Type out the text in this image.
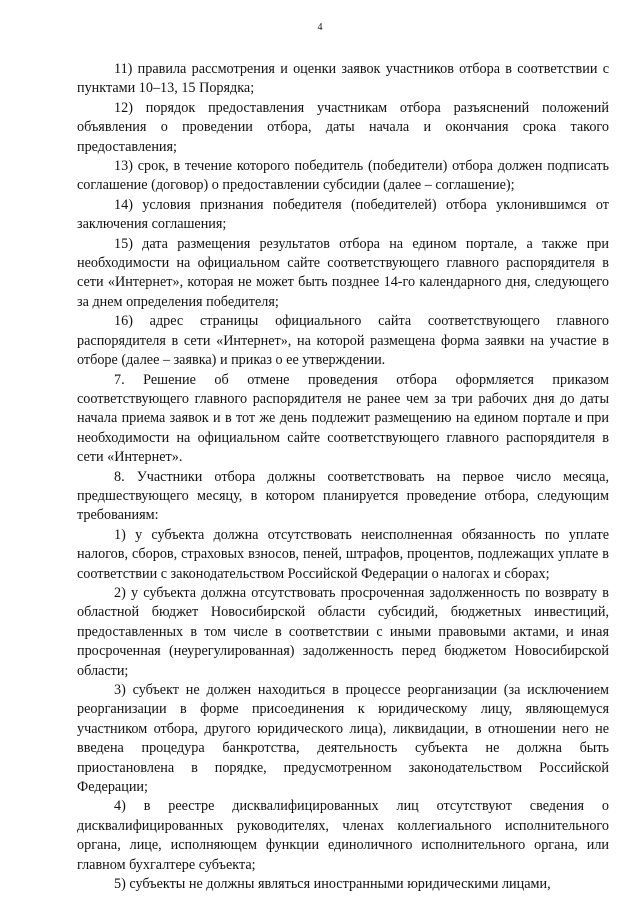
4

11) правила рассмотрения и оценки заявок участников отбора в соответствии с пунктами 10–13, 15 Порядка;

12) порядок предоставления участникам отбора разъяснений положений объявления о проведении отбора, даты начала и окончания срока такого предоставления;

13) срок, в течение которого победитель (победители) отбора должен подписать соглашение (договор) о предоставлении субсидии (далее – соглашение);

14) условия признания победителя (победителей) отбора уклонившимся от заключения соглашения;

15) дата размещения результатов отбора на едином портале, а также при необходимости на официальном сайте соответствующего главного распорядителя в сети «Интернет», которая не может быть позднее 14-го календарного дня, следующего за днем определения победителя;

16) адрес страницы официального сайта соответствующего главного распорядителя в сети «Интернет», на которой размещена форма заявки на участие в отборе (далее – заявка) и приказ о ее утверждении.

7. Решение об отмене проведения отбора оформляется приказом соответствующего главного распорядителя не ранее чем за три рабочих дня до даты начала приема заявок и в тот же день подлежит размещению на едином портале и при необходимости на официальном сайте соответствующего главного распорядителя в сети «Интернет».

8. Участники отбора должны соответствовать на первое число месяца, предшествующего месяцу, в котором планируется проведение отбора, следующим требованиям:

1) у субъекта должна отсутствовать неисполненная обязанность по уплате налогов, сборов, страховых взносов, пеней, штрафов, процентов, подлежащих уплате в соответствии с законодательством Российской Федерации о налогах и сборах;

2) у субъекта должна отсутствовать просроченная задолженность по возврату в областной бюджет Новосибирской области субсидий, бюджетных инвестиций, предоставленных в том числе в соответствии с иными правовыми актами, и иная просроченная (неурегулированная) задолженность перед бюджетом Новосибирской области;

3) субъект не должен находиться в процессе реорганизации (за исключением реорганизации в форме присоединения к юридическому лицу, являющемуся участником отбора, другого юридического лица), ликвидации, в отношении него не введена процедура банкротства, деятельность субъекта не должна быть приостановлена в порядке, предусмотренном законодательством Российской Федерации;

4) в реестре дисквалифицированных лиц отсутствуют сведения о дисквалифицированных руководителях, членах коллегиального исполнительного органа, лице, исполняющем функции единоличного исполнительного органа, или главном бухгалтере субъекта;

5) субъекты не должны являться иностранными юридическими лицами,
